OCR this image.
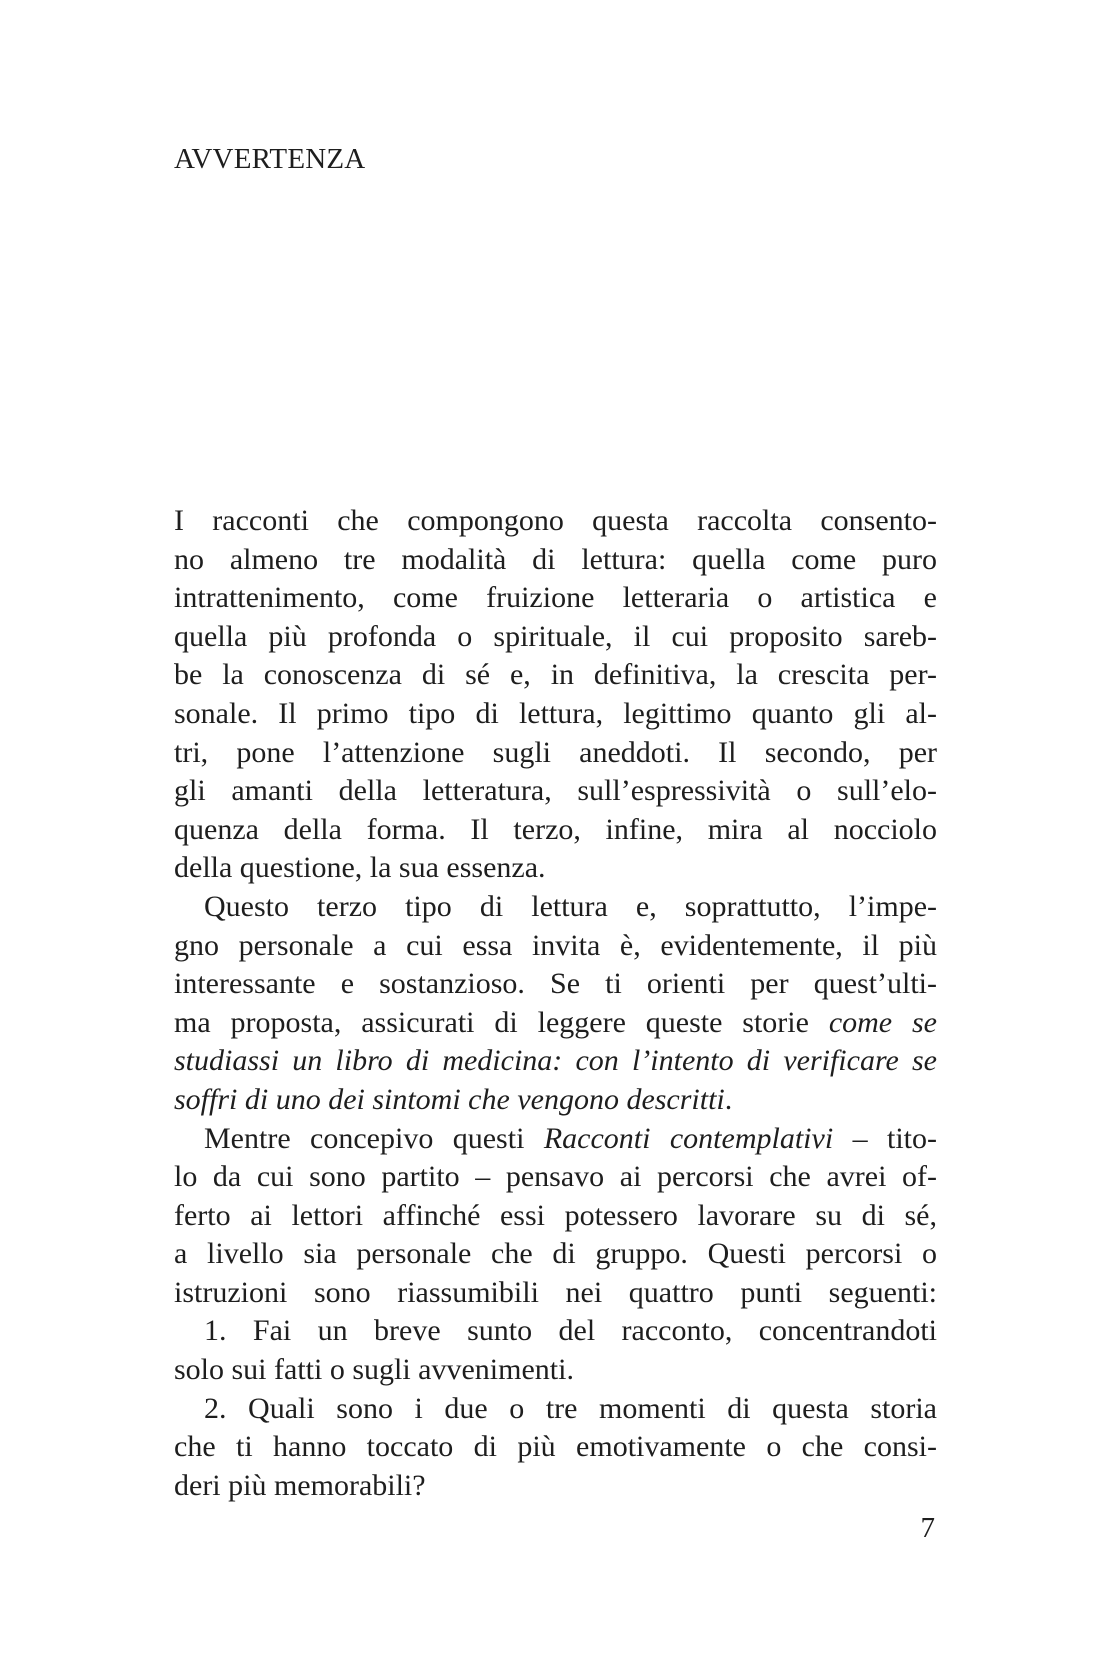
AVVERTENZA
I racconti che compongono questa raccolta consento-
no almeno tre modalità di lettura: quella come puro
intrattenimento, come fruizione letteraria o artistica e
quella più profonda o spirituale, il cui proposito sareb-
be la conoscenza di sé e, in definitiva, la crescita per-
sonale. Il primo tipo di lettura, legittimo quanto gli al-
tri, pone l’attenzione sugli aneddoti. Il secondo, per
gli amanti della letteratura, sull’espressività o sull’elo-
quenza della forma. Il terzo, infine, mira al nocciolo
della questione, la sua essenza.
Questo terzo tipo di lettura e, soprattutto, l’impe-
gno personale a cui essa invita è, evidentemente, il più
interessante e sostanzioso. Se ti orienti per quest’ulti-
ma proposta, assicurati di leggere queste storie come se
studiassi un libro di medicina: con l’intento di verificare se
soffri di uno dei sintomi che vengono descritti.
Mentre concepivo questi Racconti contemplativi – tito-
lo da cui sono partito – pensavo ai percorsi che avrei of-
ferto ai lettori affinché essi potessero lavorare su di sé,
a livello sia personale che di gruppo. Questi percorsi o
istruzioni sono riassumibili nei quattro punti seguenti:
1. Fai un breve sunto del racconto, concentrandoti
solo sui fatti o sugli avvenimenti.
2. Quali sono i due o tre momenti di questa storia
che ti hanno toccato di più emotivamente o che consi-
deri più memorabili?

7
